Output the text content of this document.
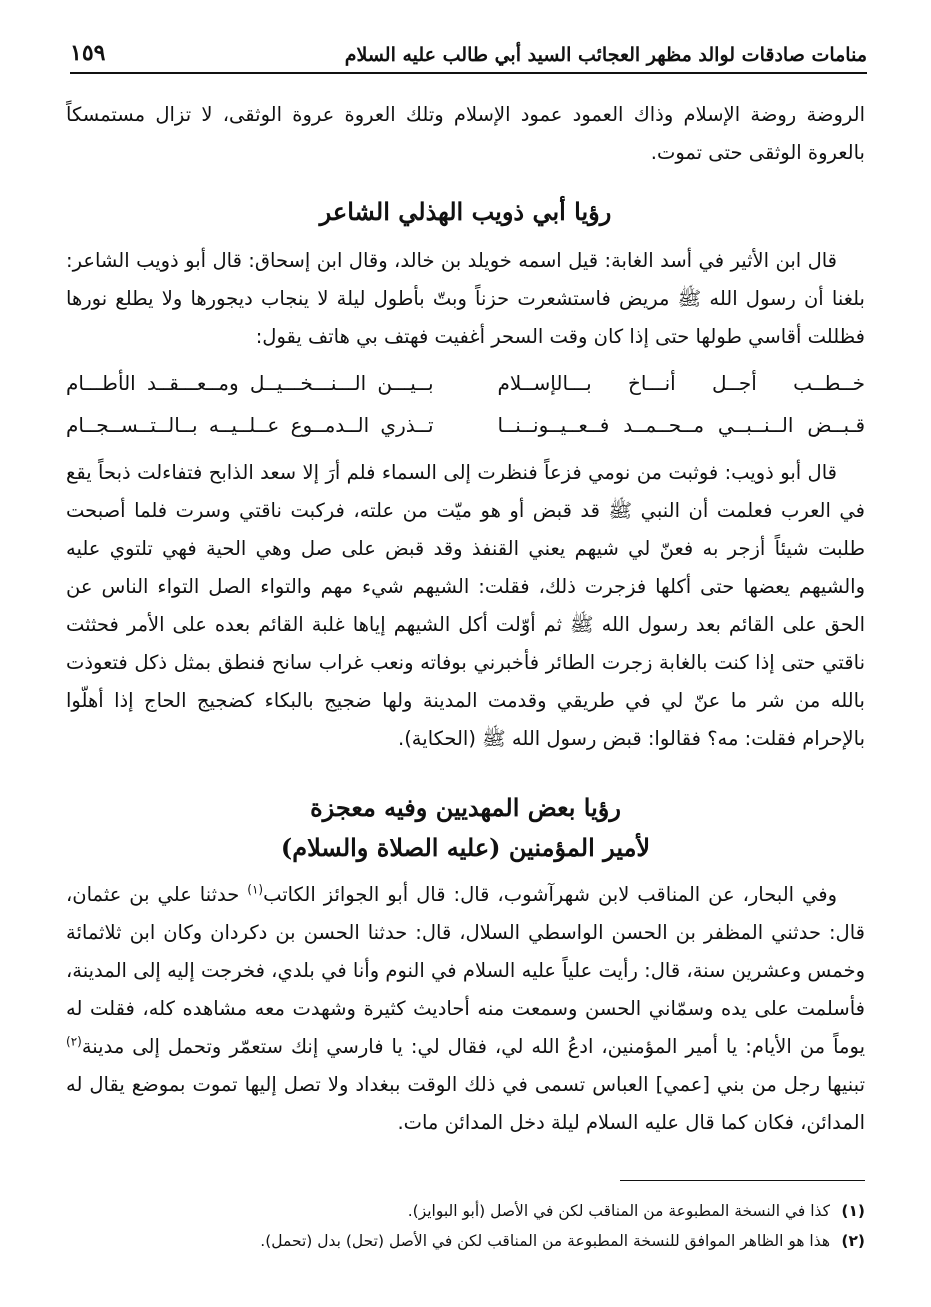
منامات صادقات لوالد مظهر العجائب السيد أبي طالب عليه السلام
١٥٩

الروضة روضة الإسلام وذاك العمود عمود الإسلام وتلك العروة عروة الوثقى، لا تزال مستمسكاً بالعروة الوثقى حتى تموت.

رؤيا أبي ذويب الهذلي الشاعر

قال ابن الأثير في أسد الغابة: قيل اسمه خويلد بن خالد، وقال ابن إسحاق: قال أبو ذويب الشاعر: بلغنا أن رسول الله ﷺ مريض فاستشعرت حزناً وبتّ بأطول ليلة لا ينجاب ديجورها ولا يطلع نورها فظللت أقاسي طولها حتى إذا كان وقت السحر أغفيت فهتف بي هاتف يقول:

خــطــب أجــل أنـــاخ بـــالإســلام
بــيـــن الـــنـــخـــيــل ومــعـــقــد الأطـــام
قـبــض الــنــبــي مــحــمــد فــعــيــونــنــا
تــذري الــدمــوع عــلــيــه بــالــتــســجــام

قال أبو ذويب: فوثبت من نومي فزعاً فنظرت إلى السماء فلم أرَ إلا سعد الذابح فتفاءلت ذبحاً يقع في العرب فعلمت أن النبي ﷺ قد قبض أو هو ميّت من علته، فركبت ناقتي وسرت فلما أصبحت طلبت شيئاً أزجر به فعنّ لي شيهم يعني القنفذ وقد قبض على صل وهي الحية فهي تلتوي عليه والشيهم يعضها حتى أكلها فزجرت ذلك، فقلت: الشيهم شيء مهم والتواء الصل التواء الناس عن الحق على القائم بعد رسول الله ﷺ ثم أوّلت أكل الشيهم إياها غلبة القائم بعده على الأمر فحثثت ناقتي حتى إذا كنت بالغابة زجرت الطائر فأخبرني بوفاته ونعب غراب سانح فنطق بمثل ذكل فتعوذت بالله من شر ما عنّ لي في طريقي وقدمت المدينة ولها ضجيج بالبكاء كضجيج الحاج إذا أهلّوا بالإحرام فقلت: مه؟ فقالوا: قبض رسول الله ﷺ (الحكاية).

رؤيا بعض المهديين وفيه معجزة
لأمير المؤمنين (عليه الصلاة والسلام)

وفي البحار، عن المناقب لابن شهرآشوب، قال: قال أبو الجوائز الكاتب$^{(١)}$ حدثنا علي بن عثمان، قال: حدثني المظفر بن الحسن الواسطي السلال، قال: حدثنا الحسن بن دكردان وكان ابن ثلاثمائة وخمس وعشرين سنة، قال: رأيت علياً عليه السلام في النوم وأنا في بلدي، فخرجت إليه إلى المدينة، فأسلمت على يده وسمّاني الحسن وسمعت منه أحاديث كثيرة وشهدت معه مشاهده كله، فقلت له يوماً من الأيام: يا أمير المؤمنين، ادعُ الله لي، فقال لي: يا فارسي إنك ستعمّر وتحمل إلى مدينة$^{(٢)}$ تبنيها رجل من بني [عمي] العباس تسمى في ذلك الوقت ببغداد ولا تصل إليها تموت بموضع يقال له المدائن، فكان كما قال عليه السلام ليلة دخل المدائن مات.

(١) كذا في النسخة المطبوعة من المناقب لكن في الأصل (أبو البوايز).
(٢) هذا هو الظاهر الموافق للنسخة المطبوعة من المناقب لكن في الأصل (تحل) بدل (تحمل).
